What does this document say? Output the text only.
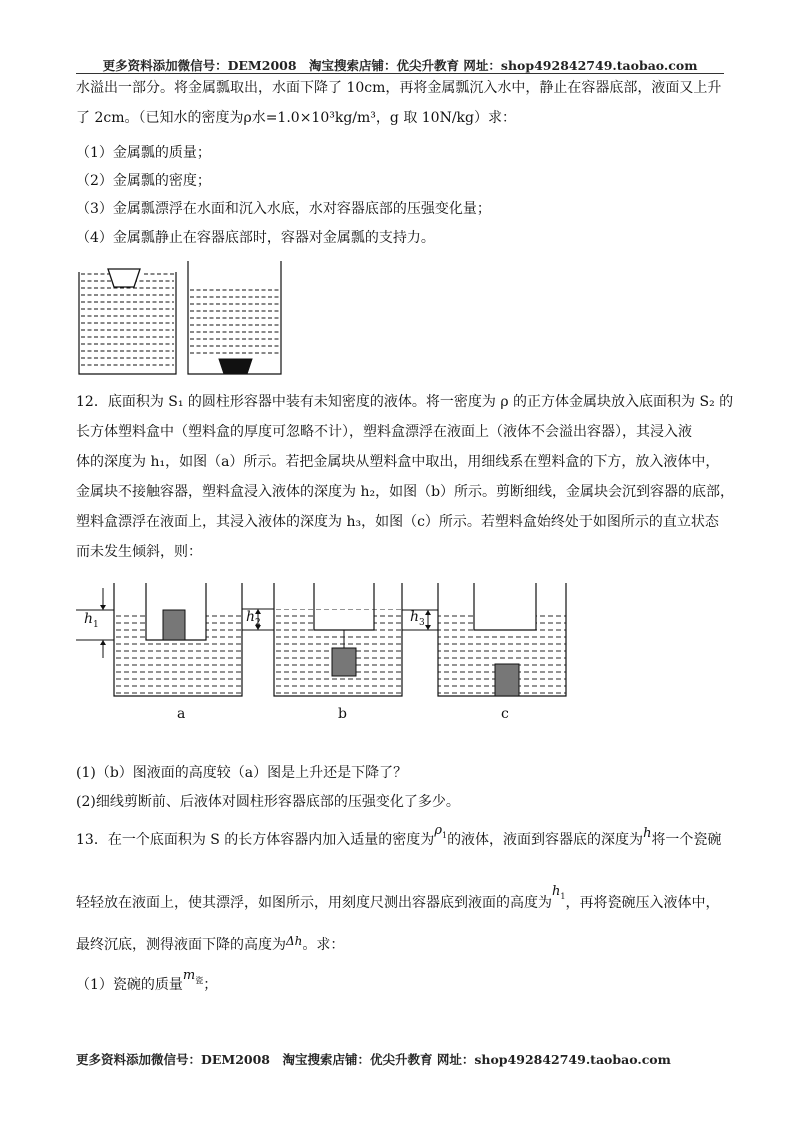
更多资料添加微信号：DEM2008　淘宝搜索店铺：优尖升教育 网址：shop492842749.taobao.com
水溢出一部分。将金属瓢取出，水面下降了 10cm，再将金属瓢沉入水中，静止在容器底部，液面又上升
了 2cm。（已知水的密度为ρ水=1.0×10³kg/m³，g 取 10N/kg）求：
（1）金属瓢的质量；
（2）金属瓢的密度；
（3）金属瓢漂浮在水面和沉入水底，水对容器底部的压强变化量；
（4）金属瓢静止在容器底部时，容器对金属瓢的支持力。
12．底面积为 S₁ 的圆柱形容器中装有未知密度的液体。将一密度为 ρ 的正方体金属块放入底面积为 S₂ 的
长方体塑料盒中（塑料盒的厚度可忽略不计），塑料盒漂浮在液面上（液体不会溢出容器），其浸入液
体的深度为 h₁，如图（a）所示。若把金属块从塑料盒中取出，用细线系在塑料盒的下方，放入液体中，
金属块不接触容器，塑料盒浸入液体的深度为 h₂，如图（b）所示。剪断细线，金属块会沉到容器的底部，
塑料盒漂浮在液面上，其浸入液体的深度为 h₃，如图（c）所示。若塑料盒始终处于如图所示的直立状态
而未发生倾斜，则：
$h_1$	$h_2$	$h_3$
a	b	c
(1)（b）图液面的高度较（a）图是上升还是下降了？
(2)细线剪断前、后液体对圆柱形容器底部的压强变化了多少。
13．在一个底面积为 S 的长方体容器内加入适量的密度为$\rho_1$的液体，液面到容器底的深度为h将一个瓷碗
轻轻放在液面上，使其漂浮，如图所示，用刻度尺测出容器底到液面的高度为$h_1$，再将瓷碗压入液体中，
最终沉底，测得液面下降的高度为Δh。求：
（1）瓷碗的质量$m_瓷$；
更多资料添加微信号：DEM2008　淘宝搜索店铺：优尖升教育 网址：shop492842749.taobao.com
